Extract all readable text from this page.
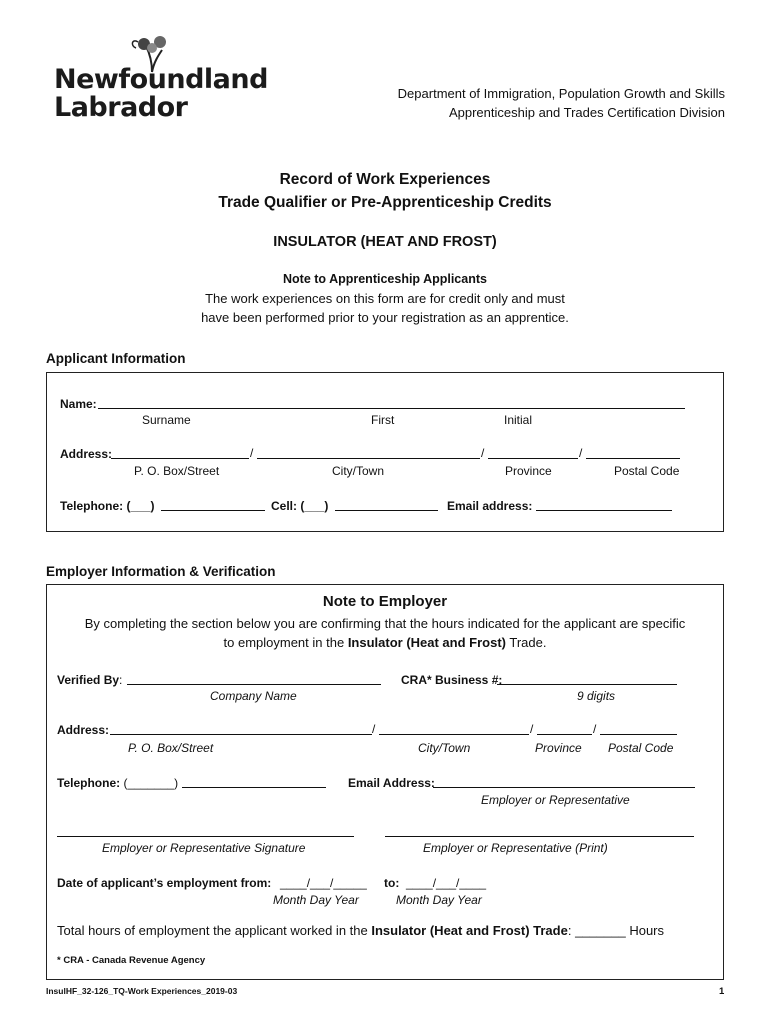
Newfoundland
Labrador	Department of Immigration, Population Growth and Skills
Apprenticeship and Trades Certification Division
Record of Work Experiences
Trade Qualifier or Pre-Apprenticeship Credits
INSULATOR (HEAT AND FROST)
Note to Apprenticeship Applicants
The work experiences on this form are for credit only and must
have been performed prior to your registration as an apprentice.
Applicant Information
Name:
Surname	First	Initial
Address:	/	/	/
P. O. Box/Street	City/Town	Province	Postal Code
Telephone: (___)	Cell: (___)	Email address:
Employer Information & Verification
Note to Employer
By completing the section below you are confirming that the hours indicated for the applicant are specific
to employment in the Insulator (Heat and Frost) Trade.
Verified By:	CRA* Business #:
Company Name	9 digits
Address:	/	/	/
P. O. Box/Street	City/Town	Province Postal Code
Telephone: (_______)	Email Address:
Employer or Representative
Employer or Representative Signature	Employer or Representative (Print)
Date of applicant’s employment from: ____/___/_____ to: ____/___/____
Month Day Year	Month Day Year
Total hours of employment the applicant worked in the Insulator (Heat and Frost) Trade: _______ Hours
* CRA - Canada Revenue Agency
InsulHF_32-126_TQ-Work Experiences_2019-03	1
